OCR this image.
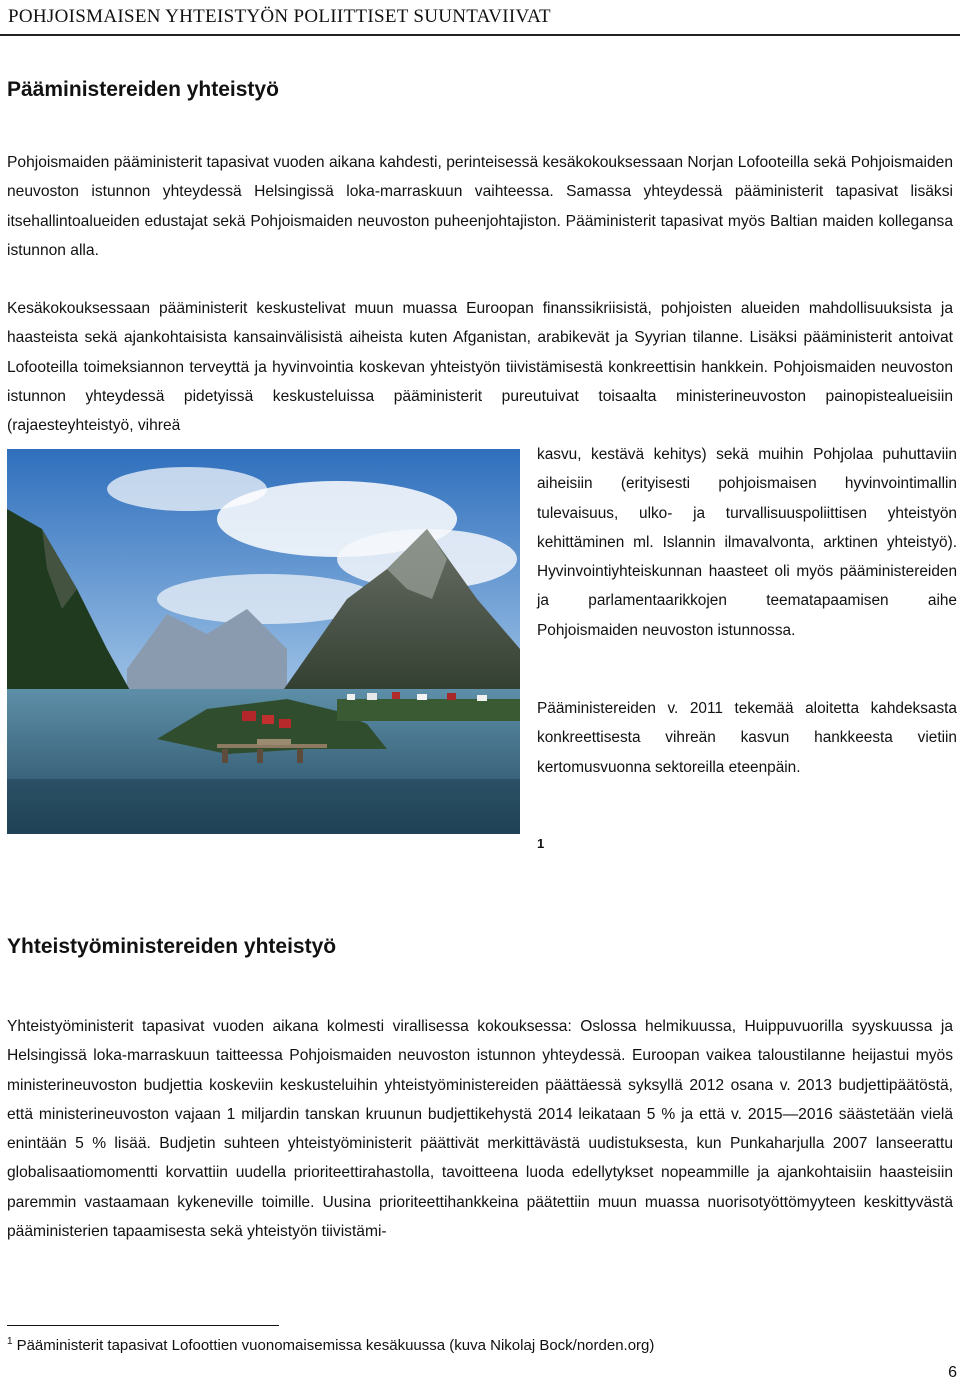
POHJOISMAISEN YHTEISTYÖN POLIITTISET SUUNTAVIIVAT
Pääministereiden yhteistyö

Pohjoismaiden pääministerit tapasivat vuoden aikana kahdesti, perinteisessä kesäkokouksessaan Norjan Lofooteilla sekä Pohjoismaiden neuvoston istunnon yhteydessä Helsingissä loka-marraskuun vaihteessa. Samassa yhteydessä pääministerit tapasivat lisäksi itsehallintoalueiden edustajat sekä Pohjoismaiden neuvoston puheenjohtajiston. Pääministerit tapasivat myös Baltian maiden kollegansa istunnon alla.

Kesäkokouksessaan pääministerit keskustelivat muun muassa Euroopan finanssikriisistä, pohjoisten alueiden mahdollisuuksista ja haasteista sekä ajankohtaisista kansainvälisistä aiheista kuten Afganistan, arabikevät ja Syyrian tilanne. Lisäksi pääministerit antoivat Lofooteilla toimeksiannon terveyttä ja hyvinvointia koskevan yhteistyön tiivistämisestä konkreettisin hankkein. Pohjoismaiden neuvoston istunnon yhteydessä pidetyissä keskusteluissa pääministerit pureutuivat toisaalta ministerineuvoston painopistealueisiin (rajaesteyhteistyö, vihreä

kasvu, kestävä kehitys) sekä muihin Pohjolaa puhuttaviin aiheisiin (erityisesti pohjoismaisen hyvinvointimallin tulevaisuus, ulko- ja turvallisuuspoliittisen yhteistyön kehittäminen ml. Islannin ilmavalvonta, arktinen yhteistyö). Hyvinvointiyhteiskunnan haasteet oli myös pääministereiden ja parlamentaarikkojen teematapaamisen aihe Pohjoismaiden neuvoston istunnossa.

Pääministereiden v. 2011 tekemää aloitetta kahdeksasta konkreettisesta vihreän kasvun hankkeesta vietiin kertomusvuonna sektoreilla eteenpäin.

1
Yhteistyöministereiden yhteistyö

Yhteistyöministerit tapasivat vuoden aikana kolmesti virallisessa kokouksessa: Oslossa helmikuussa, Huippuvuorilla syyskuussa ja Helsingissä loka-marraskuun taitteessa Pohjoismaiden neuvoston istunnon yhteydessä. Euroopan vaikea taloustilanne heijastui myös ministerineuvoston budjettia koskeviin keskusteluihin yhteistyöministereiden päättäessä syksyllä 2012 osana v. 2013 budjettipäätöstä, että ministerineuvoston vajaan 1 miljardin tanskan kruunun budjettikehystä 2014 leikataan 5 % ja että v. 2015—2016 säästetään vielä enintään 5 % lisää. Budjetin suhteen yhteistyöministerit päättivät merkittävästä uudistuksesta, kun Punkaharjulla 2007 lanseerattu globalisaatiomomentti korvattiin uudella prioriteettirahastolla, tavoitteena luoda edellytykset nopeammille ja ajankohtaisiin haasteisiin paremmin vastaamaan kykeneville toimille. Uusina prioriteettihankkeina päätettiin muun muassa nuorisotyöttömyyteen keskittyvästä pääministerien tapaamisesta sekä yhteistyön tiivistämi-

$^1$ Pääministerit tapasivat Lofoottien vuonomaisemissa kesäkuussa (kuva Nikolaj Bock/norden.org)
6
